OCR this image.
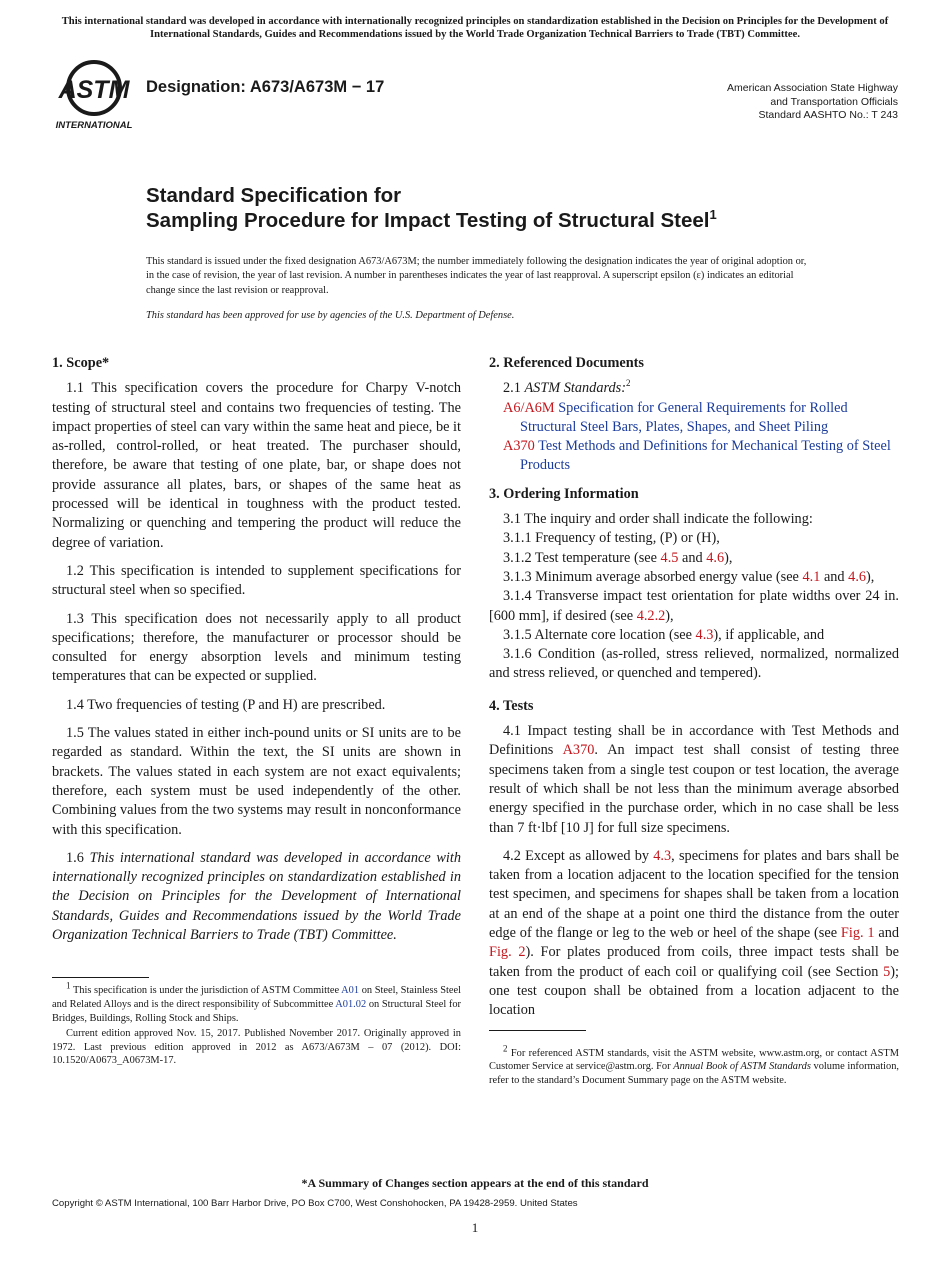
This international standard was developed in accordance with internationally recognized principles on standardization established in the Decision on Principles for the Development of International Standards, Guides and Recommendations issued by the World Trade Organization Technical Barriers to Trade (TBT) Committee.
ASTM
INTERNATIONAL
Designation: A673/A673M − 17	American Association State Highway
and Transportation Officials
Standard AASHTO No.: T 243
Standard Specification for
Sampling Procedure for Impact Testing of Structural Steel$^1$
This standard is issued under the fixed designation A673/A673M; the number immediately following the designation indicates the year of original adoption or, in the case of revision, the year of last revision. A number in parentheses indicates the year of last reapproval. A superscript epsilon (ε) indicates an editorial change since the last revision or reapproval.
This standard has been approved for use by agencies of the U.S. Department of Defense.
1. Scope*

1.1 This specification covers the procedure for Charpy V-notch testing of structural steel and contains two frequencies of testing. The impact properties of steel can vary within the same heat and piece, be it as-rolled, control-rolled, or heat treated. The purchaser should, therefore, be aware that testing of one plate, bar, or shape does not provide assurance all plates, bars, or shapes of the same heat as processed will be identical in toughness with the product tested. Normalizing or quenching and tempering the product will reduce the degree of variation.

1.2 This specification is intended to supplement specifications for structural steel when so specified.

1.3 This specification does not necessarily apply to all product specifications; therefore, the manufacturer or processor should be consulted for energy absorption levels and minimum testing temperatures that can be expected or supplied.

1.4 Two frequencies of testing (P and H) are prescribed.

1.5 The values stated in either inch-pound units or SI units are to be regarded as standard. Within the text, the SI units are shown in brackets. The values stated in each system are not exact equivalents; therefore, each system must be used independently of the other. Combining values from the two systems may result in nonconformance with this specification.

1.6 This international standard was developed in accordance with internationally recognized principles on standardization established in the Decision on Principles for the Development of International Standards, Guides and Recommendations issued by the World Trade Organization Technical Barriers to Trade (TBT) Committee.

1 This specification is under the jurisdiction of ASTM Committee A01 on Steel, Stainless Steel and Related Alloys and is the direct responsibility of Subcommittee A01.02 on Structural Steel for Bridges, Buildings, Rolling Stock and Ships.

Current edition approved Nov. 15, 2017. Published November 2017. Originally approved in 1972. Last previous edition approved in 2012 as A673/A673M – 07 (2012). DOI: 10.1520/A0673_A0673M-17.

2. Referenced Documents
2.1 ASTM Standards:$^2$
A6/A6M Specification for General Requirements for Rolled Structural Steel Bars, Plates, Shapes, and Sheet Piling
A370 Test Methods and Definitions for Mechanical Testing of Steel Products
3. Ordering Information
3.1 The inquiry and order shall indicate the following:
3.1.1 Frequency of testing, (P) or (H),
3.1.2 Test temperature (see 4.5 and 4.6),

3.1.3 Minimum average absorbed energy value (see 4.1 and 4.6),

3.1.4 Transverse impact test orientation for plate widths over 24 in. [600 mm], if desired (see 4.2.2),

3.1.5 Alternate core location (see 4.3), if applicable, and

3.1.6 Condition (as-rolled, stress relieved, normalized, normalized and stress relieved, or quenched and tempered).

4. Tests

4.1 Impact testing shall be in accordance with Test Methods and Definitions A370. An impact test shall consist of testing three specimens taken from a single test coupon or test location, the average result of which shall be not less than the minimum average absorbed energy specified in the purchase order, which in no case shall be less than 7 ft·lbf [10 J] for full size specimens.

4.2 Except as allowed by 4.3, specimens for plates and bars shall be taken from a location adjacent to the location specified for the tension test specimen, and specimens for shapes shall be taken from a location at an end of the shape at a point one third the distance from the outer edge of the flange or leg to the web or heel of the shape (see Fig. 1 and Fig. 2). For plates produced from coils, three impact tests shall be taken from the product of each coil or qualifying coil (see Section 5); one test coupon shall be obtained from a location adjacent to the location

2 For referenced ASTM standards, visit the ASTM website, www.astm.org, or contact ASTM Customer Service at service@astm.org. For Annual Book of ASTM Standards volume information, refer to the standard’s Document Summary page on the ASTM website.

*A Summary of Changes section appears at the end of this standard
Copyright © ASTM International, 100 Barr Harbor Drive, PO Box C700, West Conshohocken, PA 19428-2959. United States
1
